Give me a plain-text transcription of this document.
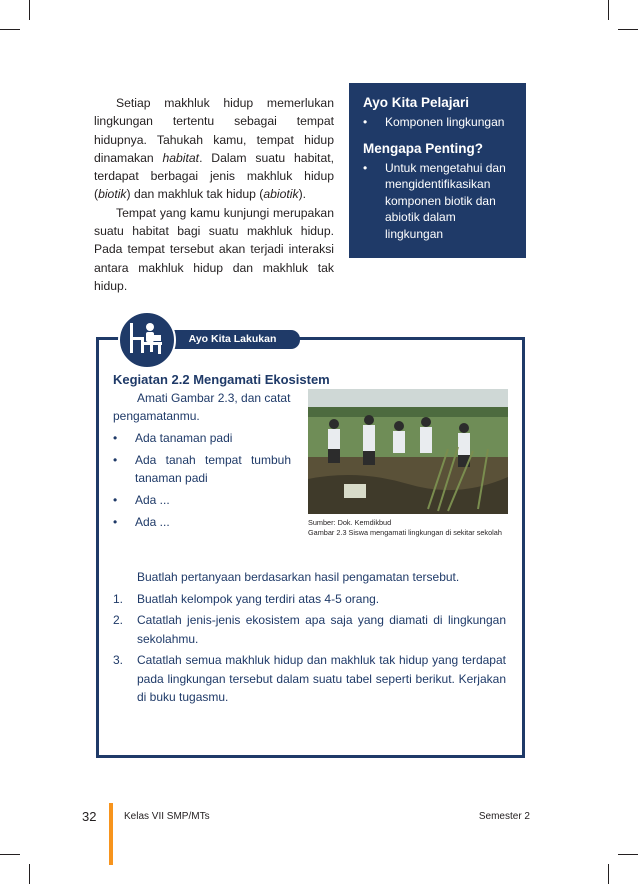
Setiap makhluk hidup memerlukan lingkungan tertentu sebagai tempat hidupnya. Tahukah kamu, tempat hidup dinamakan habitat. Dalam suatu habitat, terdapat berbagai jenis makhluk hidup (biotik) dan makhluk tak hidup (abiotik).

Tempat yang kamu kunjungi merupakan suatu habitat bagi suatu makhluk hidup. Pada tempat tersebut akan terjadi interaksi antara makhluk hidup dan makhluk tak hidup.

Ayo Kita Pelajari
•	Komponen lingkungan
Mengapa Penting?
•	Untuk mengetahui dan mengidentifikasikan komponen biotik dan abiotik dalam lingkungan
Ayo Kita Lakukan
Kegiatan 2.2 Mengamati Ekosistem

Amati Gambar 2.3, dan catat pengamatanmu.

•	Ada tanaman padi
•	Ada tanah tempat tumbuh tanaman padi
•	Ada ...
•	Ada ...	Sumber: Dok. Kemdikbud
Gambar 2.3 Siswa mengamati lingkungan di sekitar sekolah

Buatlah pertanyaan berdasarkan hasil pengamatan tersebut.

1.	Buatlah kelompok yang terdiri atas 4-5 orang.
2.	Catatlah jenis-jenis ekosistem apa saja yang diamati di lingkungan sekolahmu.
3.	Catatlah semua makhluk hidup dan makhluk tak hidup yang terdapat pada lingkungan tersebut dalam suatu tabel seperti berikut. Kerjakan di buku tugasmu.
32	Kelas VII SMP/MTs	Semester 2
